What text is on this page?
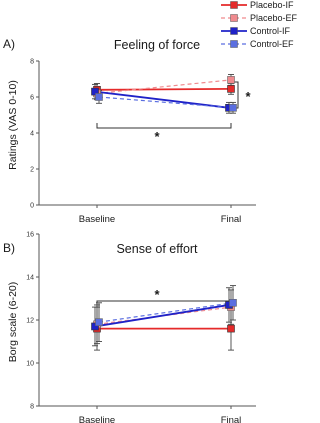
Placebo-IF
Placebo-EF
Control-IF
Control-EF
A)	Feeling of force
Ratings (VAS 0-10)
0
2
4
6
8
Baseline	Final
*
*
B)	Sense of effort
Borg scale (6-20)
8
10
12
14
16
Baseline	Final
*
